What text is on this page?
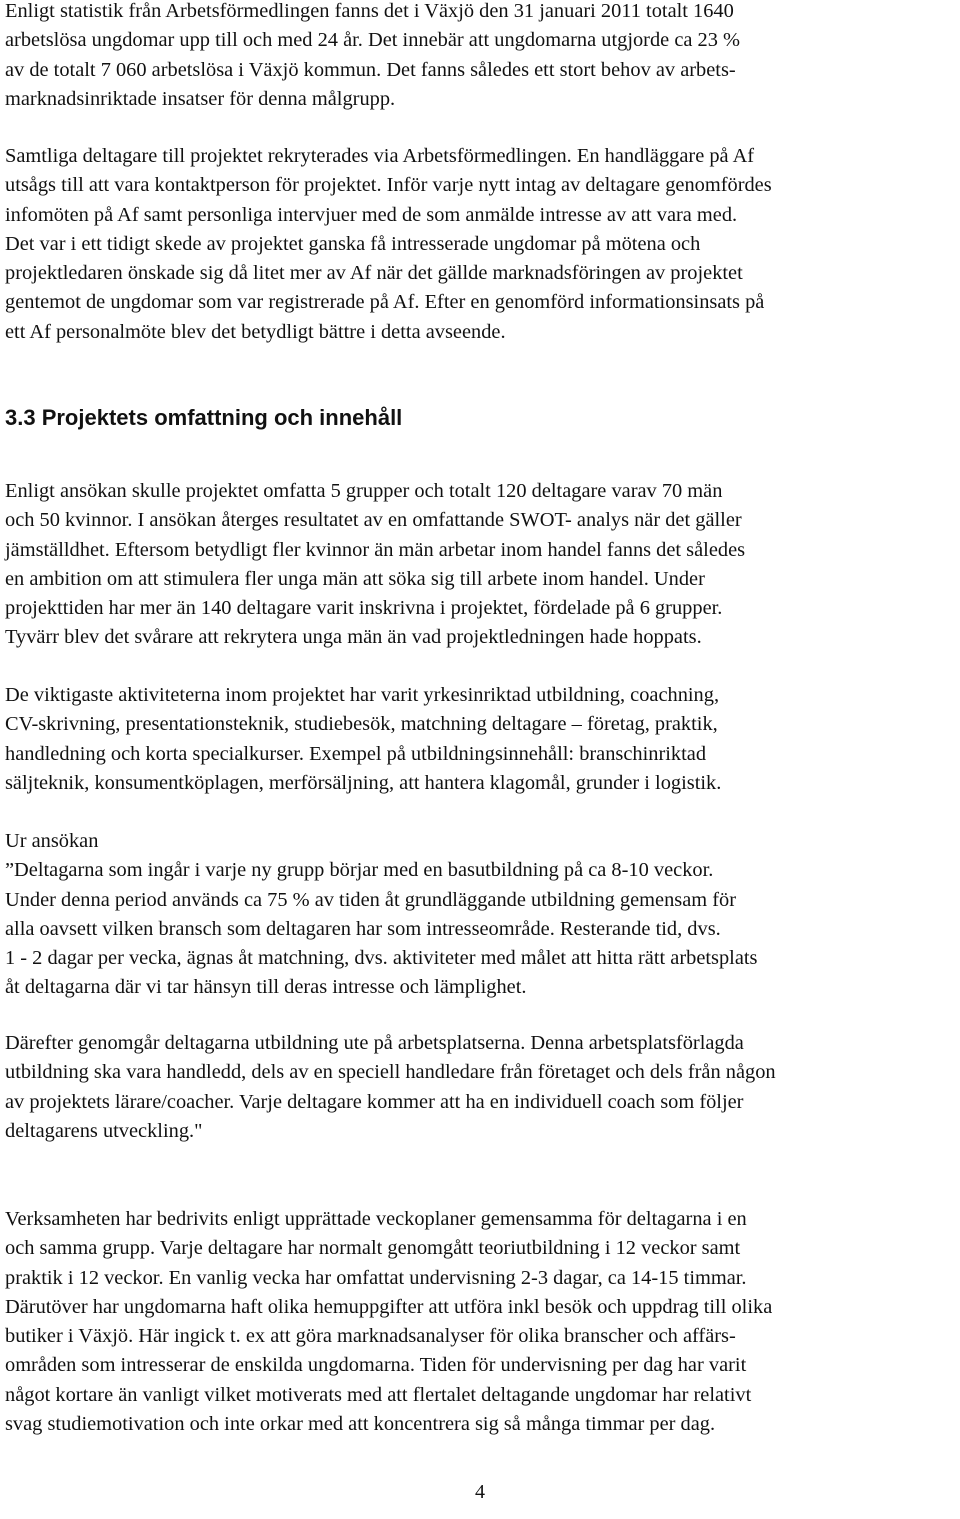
Enligt statistik från Arbetsförmedlingen fanns det i Växjö den 31 januari 2011 totalt 1640
arbetslösa ungdomar upp till och med 24 år. Det innebär att ungdomarna utgjorde ca 23 %
av de totalt 7 060 arbetslösa i Växjö kommun. Det fanns således ett stort behov av arbets-
marknadsinriktade insatser för denna målgrupp.
Samtliga deltagare till projektet rekryterades via Arbetsförmedlingen. En handläggare på Af
utsågs till att vara kontaktperson för projektet. Inför varje nytt intag av deltagare genomfördes
infomöten på Af samt personliga intervjuer med de som anmälde intresse av att vara med.
Det var i ett tidigt skede av projektet ganska få intresserade ungdomar på mötena och
projektledaren önskade sig då litet mer av Af när det gällde marknadsföringen av projektet
gentemot de ungdomar som var registrerade på Af. Efter en genomförd informationsinsats på
ett Af personalmöte blev det betydligt bättre i detta avseende.
3.3 Projektets omfattning och innehåll
Enligt ansökan skulle projektet omfatta 5 grupper och totalt 120 deltagare varav 70 män
och 50 kvinnor. I ansökan återges resultatet av en omfattande SWOT- analys när det gäller
jämställdhet. Eftersom betydligt fler kvinnor än män arbetar inom handel fanns det således
en ambition om att stimulera fler unga män att söka sig till arbete inom handel. Under
projekttiden har mer än 140 deltagare varit inskrivna i projektet, fördelade på 6 grupper.
Tyvärr blev det svårare att rekrytera unga män än vad projektledningen hade hoppats.
De viktigaste aktiviteterna inom projektet har varit yrkesinriktad utbildning, coachning,
CV-skrivning, presentationsteknik, studiebesök, matchning deltagare – företag, praktik,
handledning och korta specialkurser. Exempel på utbildningsinnehåll: branschinriktad
säljteknik, konsumentköplagen, merförsäljning, att hantera klagomål, grunder i logistik.
Ur ansökan
”Deltagarna som ingår i varje ny grupp börjar med en basutbildning på ca 8-10 veckor.
Under denna period används ca 75 % av tiden åt grundläggande utbildning gemensam för
alla oavsett vilken bransch som deltagaren har som intresseområde. Resterande tid, dvs.
1 - 2 dagar per vecka, ägnas åt matchning, dvs. aktiviteter med målet att hitta rätt arbetsplats
åt deltagarna där vi tar hänsyn till deras intresse och lämplighet.
Därefter genomgår deltagarna utbildning ute på arbetsplatserna. Denna arbetsplatsförlagda
utbildning ska vara handledd, dels av en speciell handledare från företaget och dels från någon
av projektets lärare/coacher. Varje deltagare kommer att ha en individuell coach som följer
deltagarens utveckling."
Verksamheten har bedrivits enligt upprättade veckoplaner gemensamma för deltagarna i en
och samma grupp. Varje deltagare har normalt genomgått teoriutbildning i 12 veckor samt
praktik i 12 veckor. En vanlig vecka har omfattat undervisning 2-3 dagar, ca 14-15 timmar.
Därutöver har ungdomarna haft olika hemuppgifter att utföra inkl besök och uppdrag till olika
butiker i Växjö. Här ingick t. ex att göra marknadsanalyser för olika branscher och affärs-
områden som intresserar de enskilda ungdomarna. Tiden för undervisning per dag har varit
något kortare än vanligt vilket motiverats med att flertalet deltagande ungdomar har relativt
svag studiemotivation och inte orkar med att koncentrera sig så många timmar per dag.
4
